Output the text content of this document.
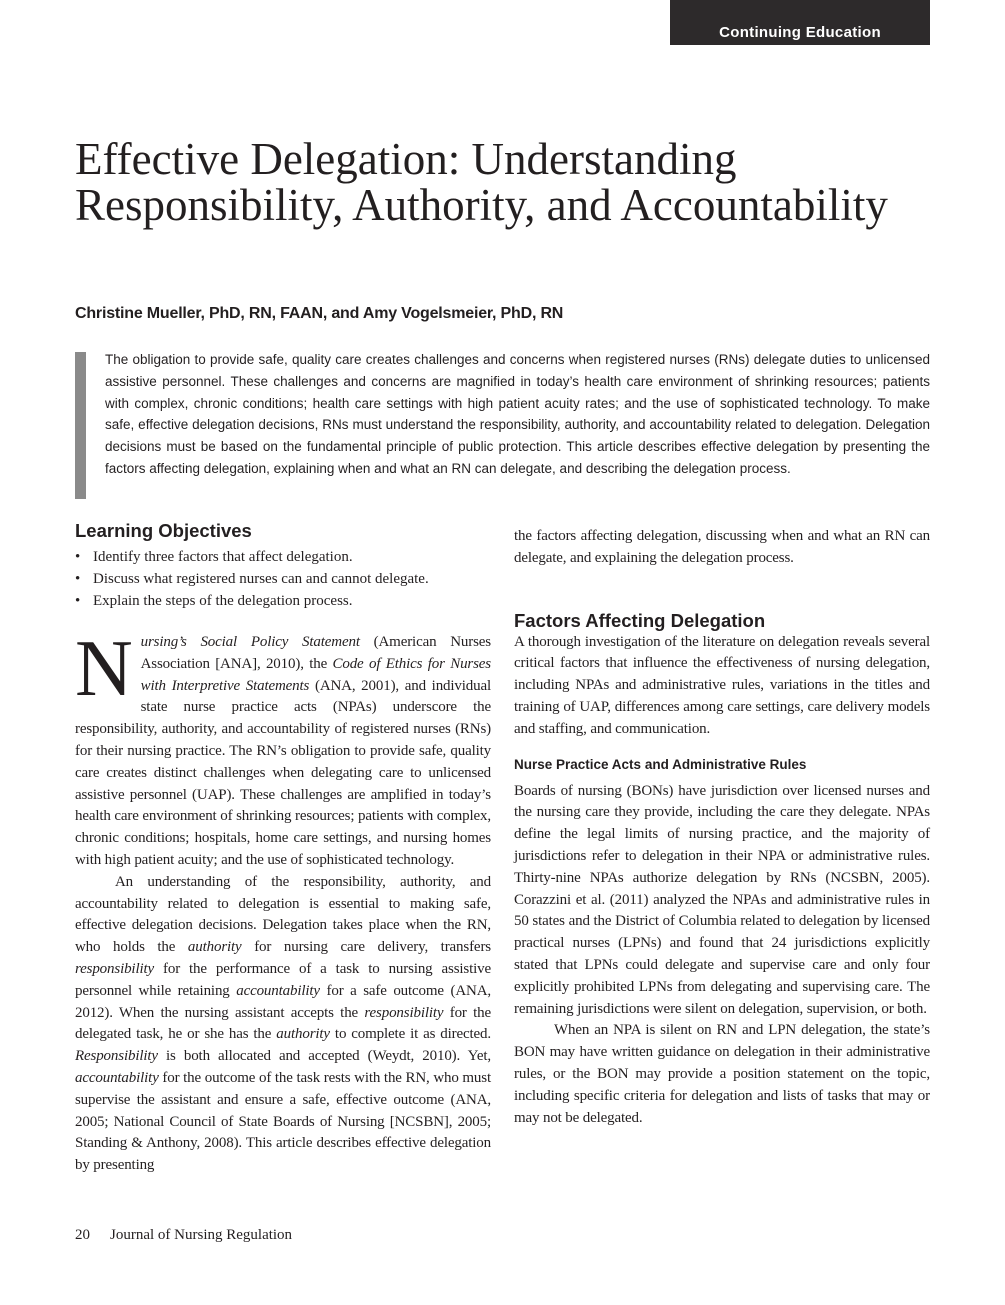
Continuing Education
Effective Delegation: Understanding Responsibility, Authority, and Accountability

Christine Mueller, PhD, RN, FAAN, and Amy Vogelsmeier, PhD, RN

The obligation to provide safe, quality care creates challenges and concerns when registered nurses (RNs) delegate duties to unlicensed assistive personnel. These challenges and concerns are magnified in today’s health care environment of shrinking resources; patients with complex, chronic conditions; health care settings with high patient acuity rates; and the use of sophisticated technology. To make safe, effective delegation decisions, RNs must understand the responsibility, authority, and accountability related to delegation. Delegation decisions must be based on the fundamental principle of public protection. This article describes effective delegation by presenting the factors affecting delegation, explaining when and what an RN can delegate, and describing the delegation process.

Learning Objectives
• Identify three factors that affect delegation.
• Discuss what registered nurses can and cannot delegate.
• Explain the steps of the delegation process.

Nursing’s Social Policy Statement (American Nurses Association [ANA], 2010), the Code of Ethics for Nurses with Interpretive Statements (ANA, 2001), and individual state nurse practice acts (NPAs) underscore the responsibility, authority, and accountability of registered nurses (RNs) for their nursing practice. The RN’s obligation to provide safe, quality care creates distinct challenges when delegating care to unlicensed assistive personnel (UAP). These challenges are amplified in today’s health care environment of shrinking resources; patients with complex, chronic conditions; hospitals, home care settings, and nursing homes with high patient acuity; and the use of sophisticated technology.

An understanding of the responsibility, authority, and accountability related to delegation is essential to making safe, effective delegation decisions. Delegation takes place when the RN, who holds the authority for nursing care delivery, transfers responsibility for the performance of a task to nursing assistive personnel while retaining accountability for a safe outcome (ANA, 2012). When the nursing assistant accepts the responsibility for the delegated task, he or she has the authority to complete it as directed. Responsibility is both allocated and accepted (Weydt, 2010). Yet, accountability for the outcome of the task rests with the RN, who must supervise the assistant and ensure a safe, effective outcome (ANA, 2005; National Council of State Boards of Nursing [NCSBN], 2005; Standing & Anthony, 2008). This article describes effective delegation by presenting

the factors affecting delegation, discussing when and what an RN can delegate, and explaining the delegation process.

Factors Affecting Delegation

A thorough investigation of the literature on delegation reveals several critical factors that influence the effectiveness of nursing delegation, including NPAs and administrative rules, variations in the titles and training of UAP, differences among care settings, care delivery models and staffing, and communication.

Nurse Practice Acts and Administrative Rules

Boards of nursing (BONs) have jurisdiction over licensed nurses and the nursing care they provide, including the care they delegate. NPAs define the legal limits of nursing practice, and the majority of jurisdictions refer to delegation in their NPA or administrative rules. Thirty-nine NPAs authorize delegation by RNs (NCSBN, 2005). Corazzini et al. (2011) analyzed the NPAs and administrative rules in 50 states and the District of Columbia related to delegation by licensed practical nurses (LPNs) and found that 24 jurisdictions explicitly stated that LPNs could delegate and supervise care and only four explicitly prohibited LPNs from delegating and supervising care. The remaining jurisdictions were silent on delegation, supervision, or both.

When an NPA is silent on RN and LPN delegation, the state’s BON may have written guidance on delegation in their administrative rules, or the BON may provide a position statement on the topic, including specific criteria for delegation and lists of tasks that may or may not be delegated.

20 Journal of Nursing Regulation
